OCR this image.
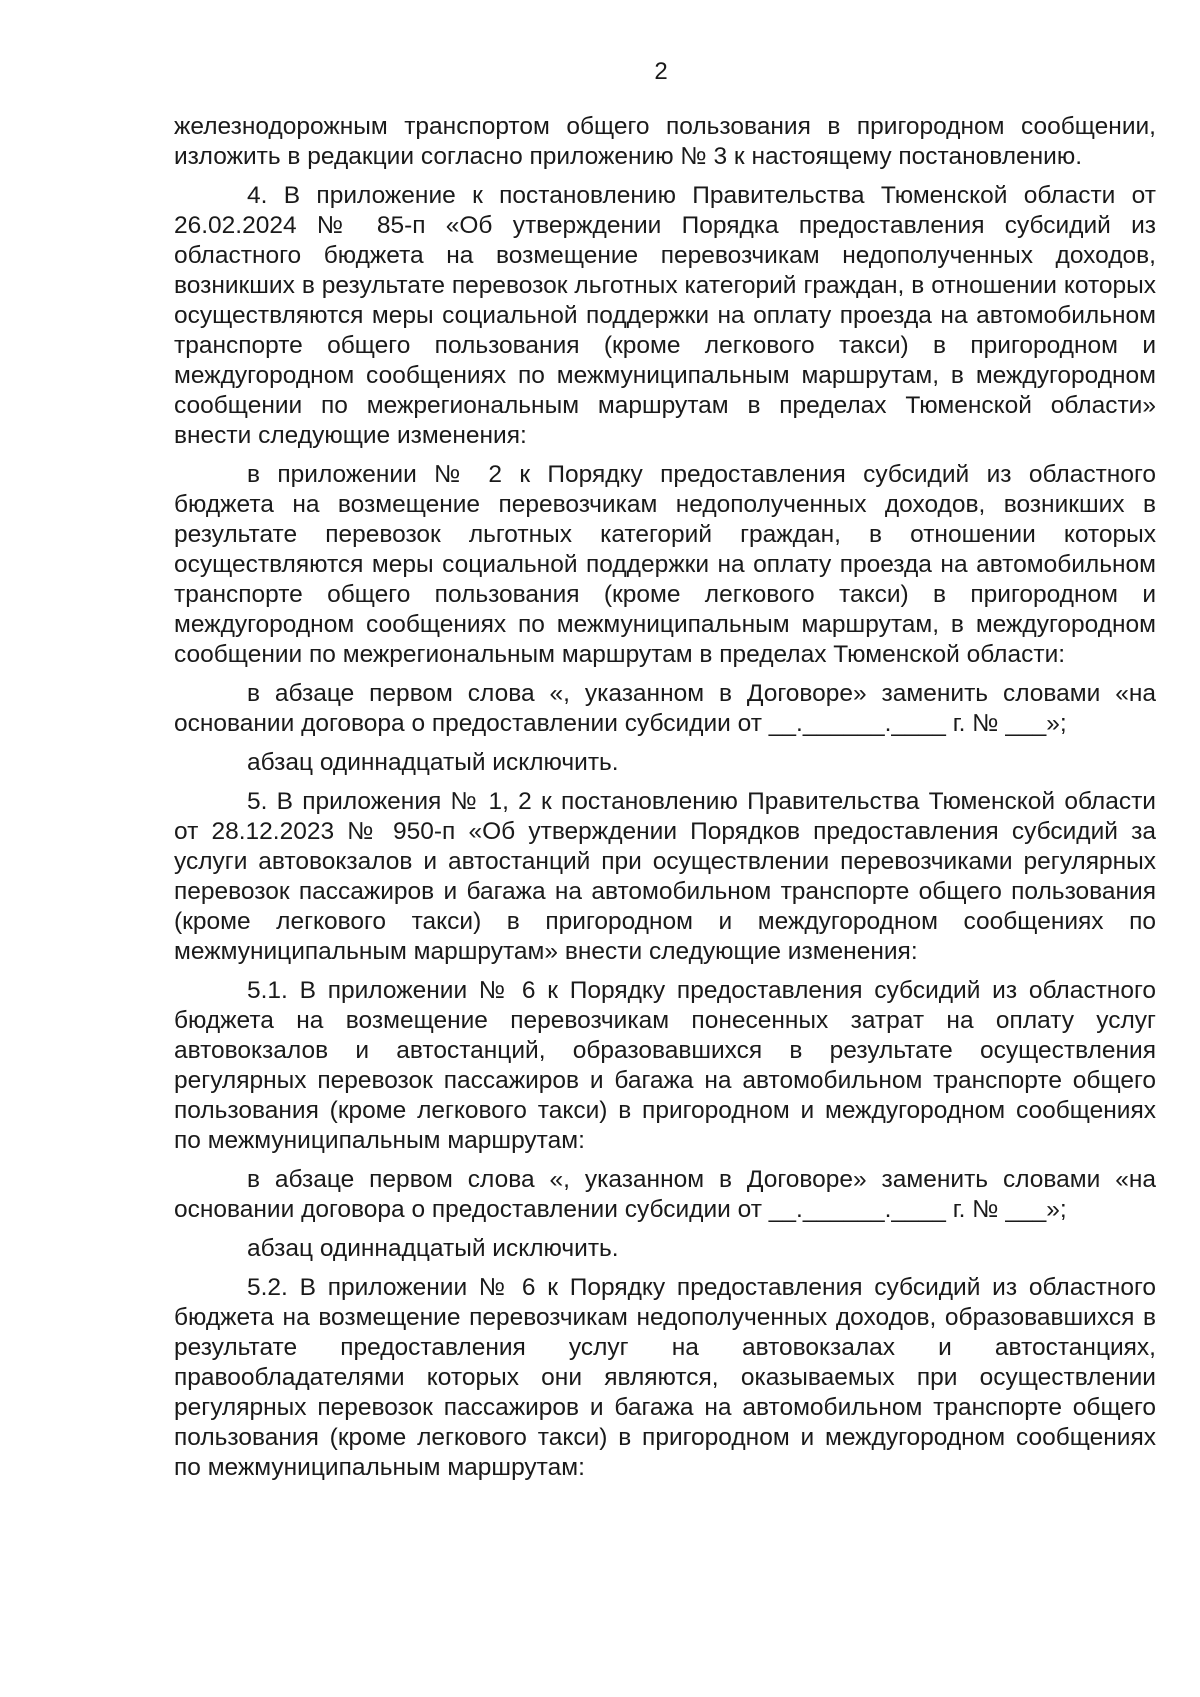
2

железнодорожным транспортом общего пользования в пригородном сообщении, изложить в редакции согласно приложению № 3 к настоящему постановлению.

4. В приложение к постановлению Правительства Тюменской области от 26.02.2024 № 85-п «Об утверждении Порядка предоставления субсидий из областного бюджета на возмещение перевозчикам недополученных доходов, возникших в результате перевозок льготных категорий граждан, в отношении которых осуществляются меры социальной поддержки на оплату проезда на автомобильном транспорте общего пользования (кроме легкового такси) в пригородном и междугородном сообщениях по межмуниципальным маршрутам, в междугородном сообщении по межрегиональным маршрутам в пределах Тюменской области» внести следующие изменения:

в приложении № 2 к Порядку предоставления субсидий из областного бюджета на возмещение перевозчикам недополученных доходов, возникших в результате перевозок льготных категорий граждан, в отношении которых осуществляются меры социальной поддержки на оплату проезда на автомобильном транспорте общего пользования (кроме легкового такси) в пригородном и междугородном сообщениях по межмуниципальным маршрутам, в междугородном сообщении по межрегиональным маршрутам в пределах Тюменской области:

в абзаце первом слова «, указанном в Договоре» заменить словами «на основании договора о предоставлении субсидии от __.______.____ г. № ___»;

абзац одиннадцатый исключить.

5. В приложения № 1, 2 к постановлению Правительства Тюменской области от 28.12.2023 № 950-п «Об утверждении Порядков предоставления субсидий за услуги автовокзалов и автостанций при осуществлении перевозчиками регулярных перевозок пассажиров и багажа на автомобильном транспорте общего пользования (кроме легкового такси) в пригородном и междугородном сообщениях по межмуниципальным маршрутам» внести следующие изменения:

5.1. В приложении № 6 к Порядку предоставления субсидий из областного бюджета на возмещение перевозчикам понесенных затрат на оплату услуг автовокзалов и автостанций, образовавшихся в результате осуществления регулярных перевозок пассажиров и багажа на автомобильном транспорте общего пользования (кроме легкового такси) в пригородном и междугородном сообщениях по межмуниципальным маршрутам:

в абзаце первом слова «, указанном в Договоре» заменить словами «на основании договора о предоставлении субсидии от __.______.____ г. № ___»;

абзац одиннадцатый исключить.

5.2. В приложении № 6 к Порядку предоставления субсидий из областного бюджета на возмещение перевозчикам недополученных доходов, образовавшихся в результате предоставления услуг на автовокзалах и автостанциях, правообладателями которых они являются, оказываемых при осуществлении регулярных перевозок пассажиров и багажа на автомобильном транспорте общего пользования (кроме легкового такси) в пригородном и междугородном сообщениях по межмуниципальным маршрутам:
